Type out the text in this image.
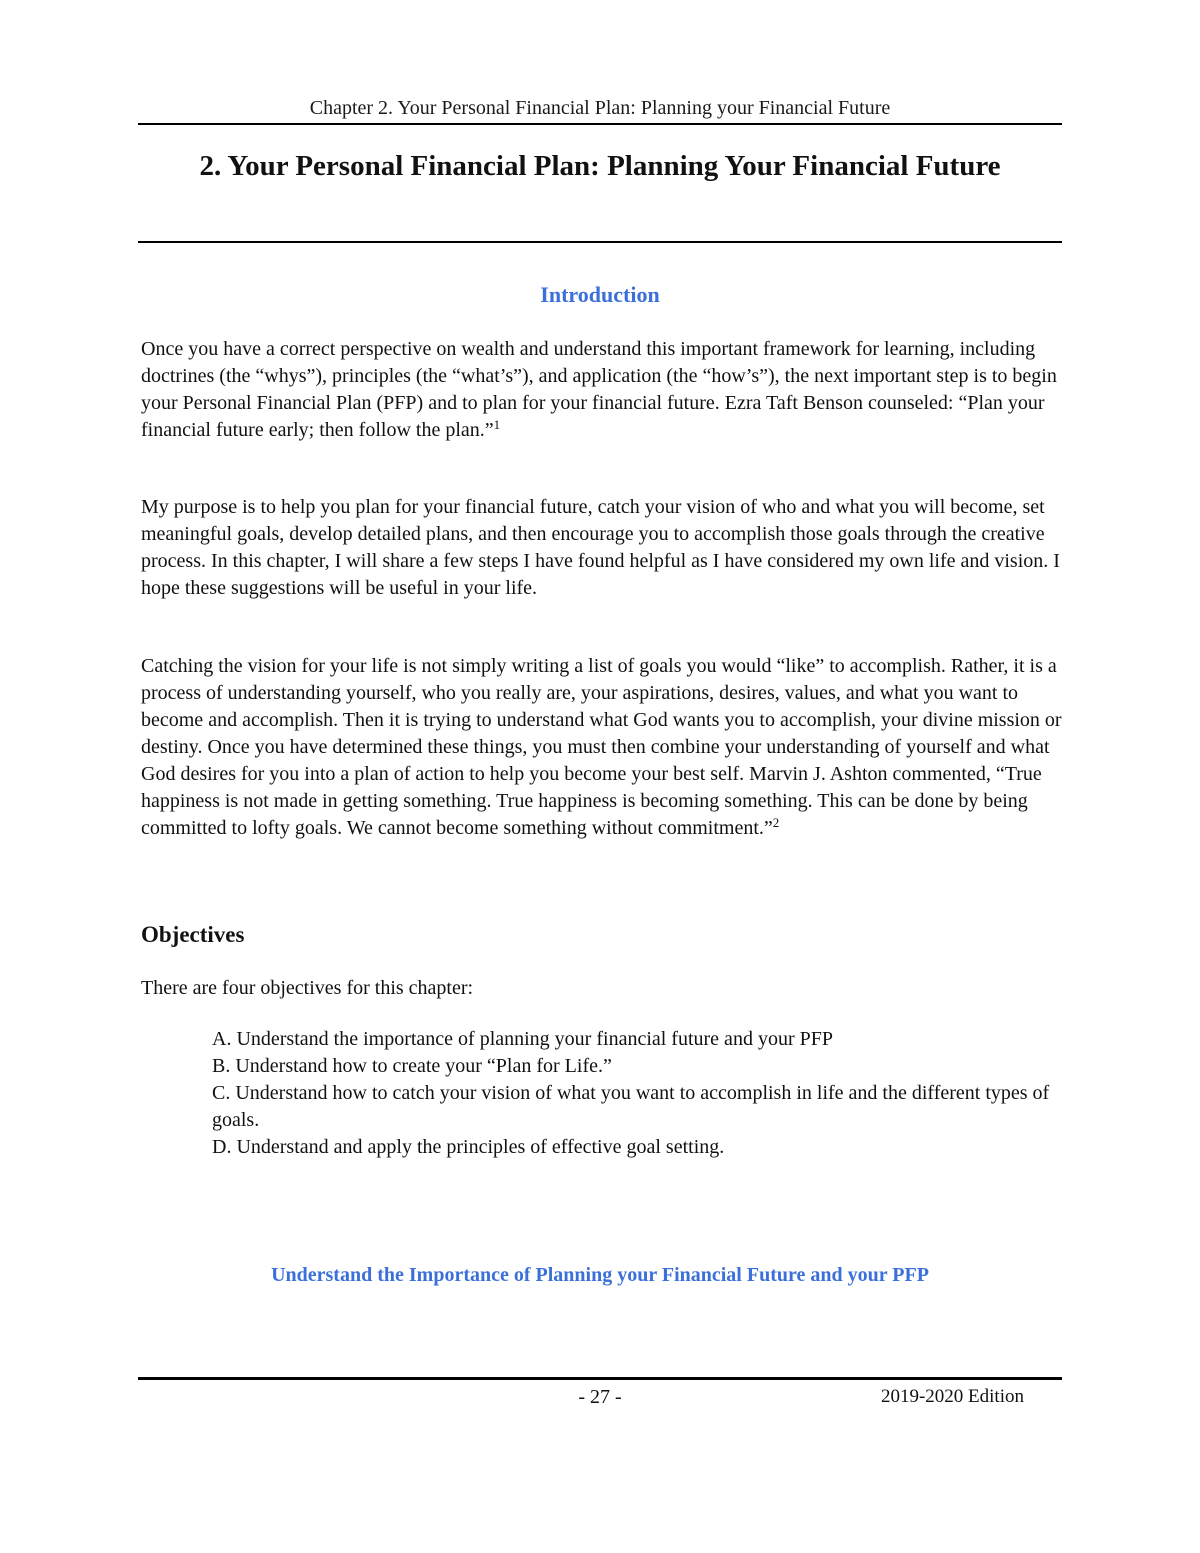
Chapter 2. Your Personal Financial Plan: Planning your Financial Future
2. Your Personal Financial Plan: Planning Your Financial Future
Introduction

Once you have a correct perspective on wealth and understand this important framework for learning, including doctrines (the “whys”), principles (the “what’s”), and application (the “how’s”), the next important step is to begin your Personal Financial Plan (PFP) and to plan for your financial future. Ezra Taft Benson counseled: “Plan your financial future early; then follow the plan.”$^1$

My purpose is to help you plan for your financial future, catch your vision of who and what you will become, set meaningful goals, develop detailed plans, and then encourage you to accomplish those goals through the creative process. In this chapter, I will share a few steps I have found helpful as I have considered my own life and vision. I hope these suggestions will be useful in your life.

Catching the vision for your life is not simply writing a list of goals you would “like” to accomplish. Rather, it is a process of understanding yourself, who you really are, your aspirations, desires, values, and what you want to become and accomplish. Then it is trying to understand what God wants you to accomplish, your divine mission or destiny. Once you have determined these things, you must then combine your understanding of yourself and what God desires for you into a plan of action to help you become your best self. Marvin J. Ashton commented, “True happiness is not made in getting something. True happiness is becoming something. This can be done by being committed to lofty goals. We cannot become something without commitment.”$^2$

Objectives

There are four objectives for this chapter:

A. Understand the importance of planning your financial future and your PFP
B. Understand how to create your “Plan for Life.”
C. Understand how to catch your vision of what you want to accomplish in life and the different types of goals.
D. Understand and apply the principles of effective goal setting.
Understand the Importance of Planning your Financial Future and your PFP
- 27 -	2019-2020 Edition
